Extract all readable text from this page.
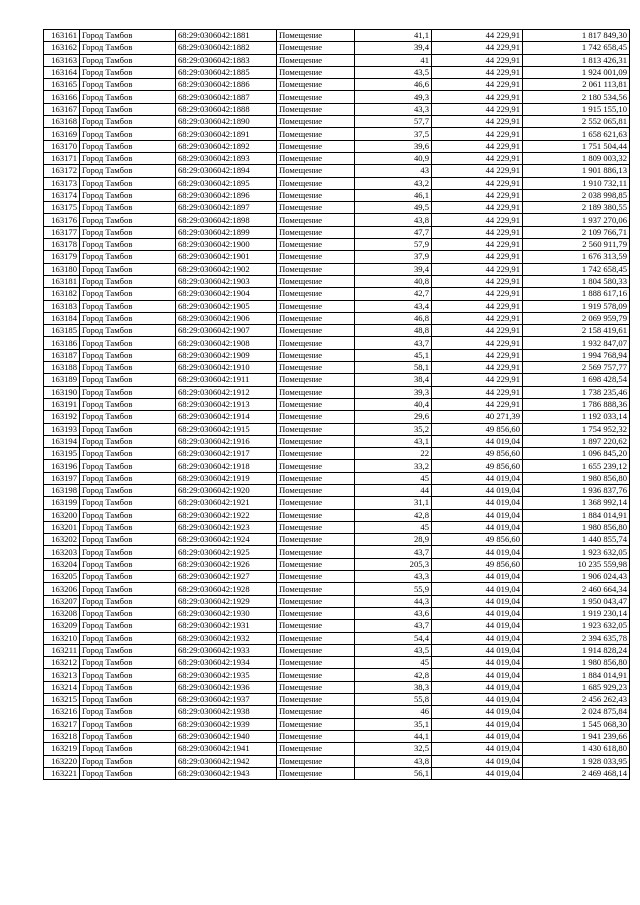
163161	Город Тамбов	68:29:0306042:1881	Помещение	41,1	44 229,91	1 817 849,30
163162	Город Тамбов	68:29:0306042:1882	Помещение	39,4	44 229,91	1 742 658,45
163163	Город Тамбов	68:29:0306042:1883	Помещение	41	44 229,91	1 813 426,31
163164	Город Тамбов	68:29:0306042:1885	Помещение	43,5	44 229,91	1 924 001,09
163165	Город Тамбов	68:29:0306042:1886	Помещение	46,6	44 229,91	2 061 113,81
163166	Город Тамбов	68:29:0306042:1887	Помещение	49,3	44 229,91	2 180 534,56
163167	Город Тамбов	68:29:0306042:1888	Помещение	43,3	44 229,91	1 915 155,10
163168	Город Тамбов	68:29:0306042:1890	Помещение	57,7	44 229,91	2 552 065,81
163169	Город Тамбов	68:29:0306042:1891	Помещение	37,5	44 229,91	1 658 621,63
163170	Город Тамбов	68:29:0306042:1892	Помещение	39,6	44 229,91	1 751 504,44
163171	Город Тамбов	68:29:0306042:1893	Помещение	40,9	44 229,91	1 809 003,32
163172	Город Тамбов	68:29:0306042:1894	Помещение	43	44 229,91	1 901 886,13
163173	Город Тамбов	68:29:0306042:1895	Помещение	43,2	44 229,91	1 910 732,11
163174	Город Тамбов	68:29:0306042:1896	Помещение	46,1	44 229,91	2 038 998,85
163175	Город Тамбов	68:29:0306042:1897	Помещение	49,5	44 229,91	2 189 380,55
163176	Город Тамбов	68:29:0306042:1898	Помещение	43,8	44 229,91	1 937 270,06
163177	Город Тамбов	68:29:0306042:1899	Помещение	47,7	44 229,91	2 109 766,71
163178	Город Тамбов	68:29:0306042:1900	Помещение	57,9	44 229,91	2 560 911,79
163179	Город Тамбов	68:29:0306042:1901	Помещение	37,9	44 229,91	1 676 313,59
163180	Город Тамбов	68:29:0306042:1902	Помещение	39,4	44 229,91	1 742 658,45
163181	Город Тамбов	68:29:0306042:1903	Помещение	40,8	44 229,91	1 804 580,33
163182	Город Тамбов	68:29:0306042:1904	Помещение	42,7	44 229,91	1 888 617,16
163183	Город Тамбов	68:29:0306042:1905	Помещение	43,4	44 229,91	1 919 578,09
163184	Город Тамбов	68:29:0306042:1906	Помещение	46,8	44 229,91	2 069 959,79
163185	Город Тамбов	68:29:0306042:1907	Помещение	48,8	44 229,91	2 158 419,61
163186	Город Тамбов	68:29:0306042:1908	Помещение	43,7	44 229,91	1 932 847,07
163187	Город Тамбов	68:29:0306042:1909	Помещение	45,1	44 229,91	1 994 768,94
163188	Город Тамбов	68:29:0306042:1910	Помещение	58,1	44 229,91	2 569 757,77
163189	Город Тамбов	68:29:0306042:1911	Помещение	38,4	44 229,91	1 698 428,54
163190	Город Тамбов	68:29:0306042:1912	Помещение	39,3	44 229,91	1 738 235,46
163191	Город Тамбов	68:29:0306042:1913	Помещение	40,4	44 229,91	1 786 888,36
163192	Город Тамбов	68:29:0306042:1914	Помещение	29,6	40 271,39	1 192 033,14
163193	Город Тамбов	68:29:0306042:1915	Помещение	35,2	49 856,60	1 754 952,32
163194	Город Тамбов	68:29:0306042:1916	Помещение	43,1	44 019,04	1 897 220,62
163195	Город Тамбов	68:29:0306042:1917	Помещение	22	49 856,60	1 096 845,20
163196	Город Тамбов	68:29:0306042:1918	Помещение	33,2	49 856,60	1 655 239,12
163197	Город Тамбов	68:29:0306042:1919	Помещение	45	44 019,04	1 980 856,80
163198	Город Тамбов	68:29:0306042:1920	Помещение	44	44 019,04	1 936 837,76
163199	Город Тамбов	68:29:0306042:1921	Помещение	31,1	44 019,04	1 368 992,14
163200	Город Тамбов	68:29:0306042:1922	Помещение	42,8	44 019,04	1 884 014,91
163201	Город Тамбов	68:29:0306042:1923	Помещение	45	44 019,04	1 980 856,80
163202	Город Тамбов	68:29:0306042:1924	Помещение	28,9	49 856,60	1 440 855,74
163203	Город Тамбов	68:29:0306042:1925	Помещение	43,7	44 019,04	1 923 632,05
163204	Город Тамбов	68:29:0306042:1926	Помещение	205,3	49 856,60	10 235 559,98
163205	Город Тамбов	68:29:0306042:1927	Помещение	43,3	44 019,04	1 906 024,43
163206	Город Тамбов	68:29:0306042:1928	Помещение	55,9	44 019,04	2 460 664,34
163207	Город Тамбов	68:29:0306042:1929	Помещение	44,3	44 019,04	1 950 043,47
163208	Город Тамбов	68:29:0306042:1930	Помещение	43,6	44 019,04	1 919 230,14
163209	Город Тамбов	68:29:0306042:1931	Помещение	43,7	44 019,04	1 923 632,05
163210	Город Тамбов	68:29:0306042:1932	Помещение	54,4	44 019,04	2 394 635,78
163211	Город Тамбов	68:29:0306042:1933	Помещение	43,5	44 019,04	1 914 828,24
163212	Город Тамбов	68:29:0306042:1934	Помещение	45	44 019,04	1 980 856,80
163213	Город Тамбов	68:29:0306042:1935	Помещение	42,8	44 019,04	1 884 014,91
163214	Город Тамбов	68:29:0306042:1936	Помещение	38,3	44 019,04	1 685 929,23
163215	Город Тамбов	68:29:0306042:1937	Помещение	55,8	44 019,04	2 456 262,43
163216	Город Тамбов	68:29:0306042:1938	Помещение	46	44 019,04	2 024 875,84
163217	Город Тамбов	68:29:0306042:1939	Помещение	35,1	44 019,04	1 545 068,30
163218	Город Тамбов	68:29:0306042:1940	Помещение	44,1	44 019,04	1 941 239,66
163219	Город Тамбов	68:29:0306042:1941	Помещение	32,5	44 019,04	1 430 618,80
163220	Город Тамбов	68:29:0306042:1942	Помещение	43,8	44 019,04	1 928 033,95
163221	Город Тамбов	68:29:0306042:1943	Помещение	56,1	44 019,04	2 469 468,14
